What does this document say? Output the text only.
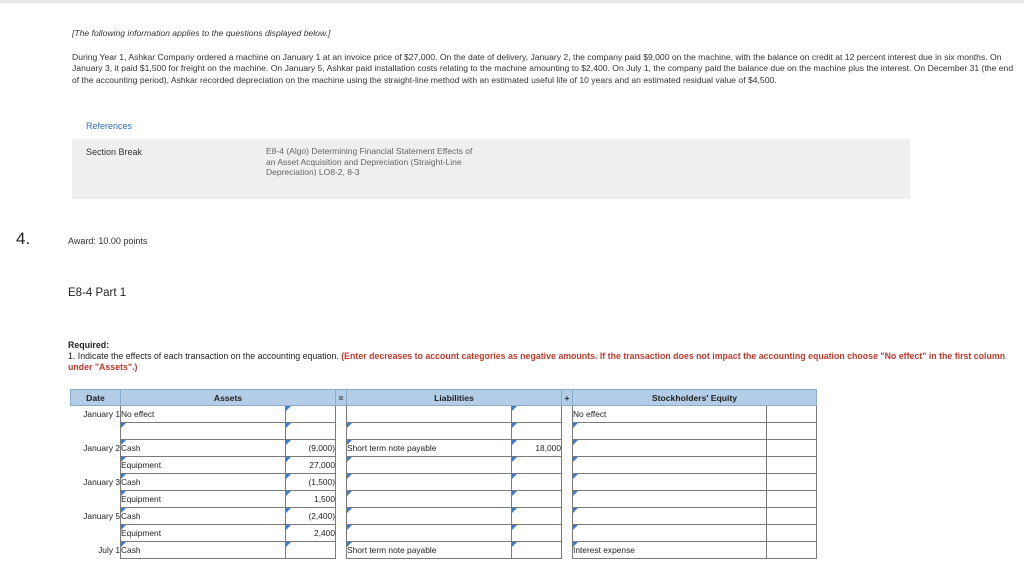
[The following information applies to the questions displayed below.]
During Year 1, Ashkar Company ordered a machine on January 1 at an invoice price of $27,000. On the date of delivery, January 2, the company paid $9,000 on the machine, with the balance on credit at 12 percent interest due in six months. On January 3, it paid $1,500 for freight on the machine. On January 5, Ashkar paid installation costs relating to the machine amounting to $2,400. On July 1, the company paid the balance due on the machine plus the interest. On December 31 (the end of the accounting period), Ashkar recorded depreciation on the machine using the straight-line method with an estimated useful life of 10 years and an estimated residual value of $4,500.
References
Section Break	E8-4 (Algo) Determining Financial Statement Effects of an Asset Acquisition and Depreciation (Straight-Line Depreciation) LO8-2, 8-3
4.	Award: 10.00 points
E8-4 Part 1
Required:
1. Indicate the effects of each transaction on the accounting equation. (Enter decreases to account categories as negative amounts. If the transaction does not impact the accounting equation choose "No effect" in the first column under "Assets".)
Date	Assets		=	Liabilities		+	Stockholders' Equity	
January 1	No effect						No effect	

January 2	Cash	(9,000)		Short term note payable	18,000		

Equipment	27,000		

January 3	Cash	(1,500)		

Equipment	1,500		

January 5	Cash	(2,400)		

Equipment	2,400		

July 1	Cash			Short term note payable			Interest expense	
